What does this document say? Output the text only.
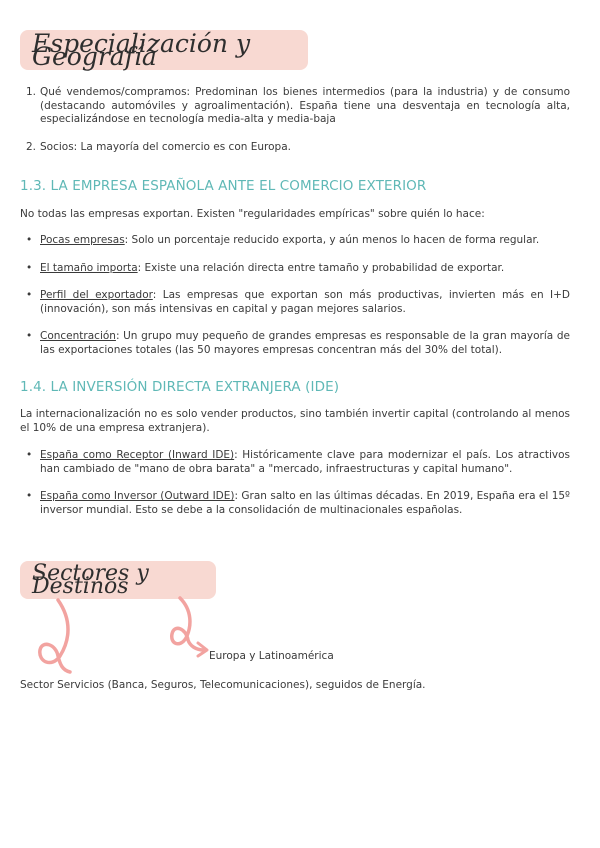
Especialización y Geografía
1. Qué vendemos/compramos: Predominan los bienes intermedios (para la industria) y de consumo (destacando automóviles y agroalimentación). España tiene una desventaja en tecnología alta, especializándose en tecnología media-alta y media-baja
2. Socios: La mayoría del comercio es con Europa.
1.3. LA EMPRESA ESPAÑOLA ANTE EL COMERCIO EXTERIOR
No todas las empresas exportan. Existen "regularidades empíricas" sobre quién lo hace:
• Pocas empresas: Solo un porcentaje reducido exporta, y aún menos lo hacen de forma regular.
• El tamaño importa: Existe una relación directa entre tamaño y probabilidad de exportar.
• Perfil del exportador: Las empresas que exportan son más productivas, invierten más en I+D (innovación), son más intensivas en capital y pagan mejores salarios.
• Concentración: Un grupo muy pequeño de grandes empresas es responsable de la gran mayoría de las exportaciones totales (las 50 mayores empresas concentran más del 30% del total).
1.4. LA INVERSIÓN DIRECTA EXTRANJERA (IDE)
La internacionalización no es solo vender productos, sino también invertir capital (controlando al menos el 10% de una empresa extranjera).
• España como Receptor (Inward IDE): Históricamente clave para modernizar el país. Los atractivos han cambiado de "mano de obra barata" a "mercado, infraestructuras y capital humano".
• España como Inversor (Outward IDE): Gran salto en las últimas décadas. En 2019, España era el 15º inversor mundial. Esto se debe a la consolidación de multinacionales españolas.
Sectores y Destinos
Europa y Latinoamérica
Sector Servicios (Banca, Seguros, Telecomunicaciones), seguidos de Energía.
